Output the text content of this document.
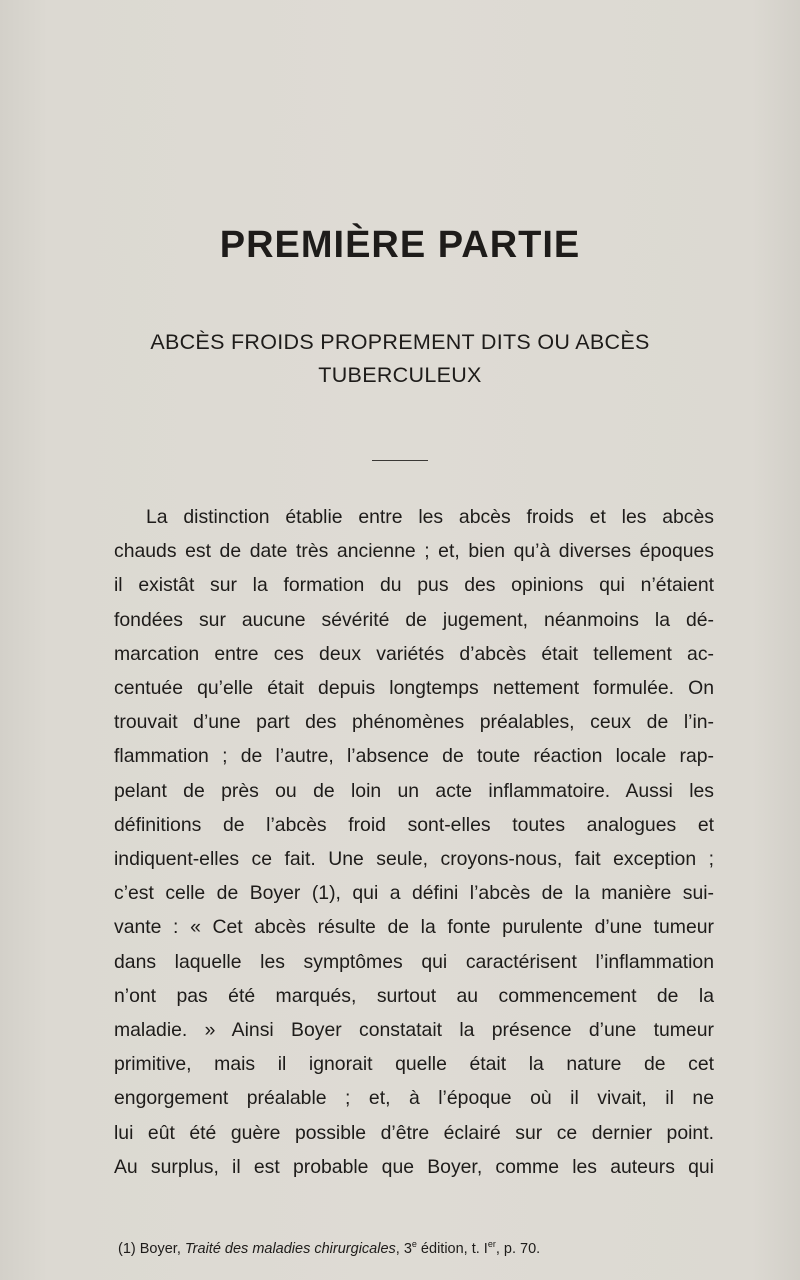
PREMIÈRE PARTIE
ABCÈS FROIDS PROPREMENT DITS OU ABCÈS
TUBERCULEUX
La distinction établie entre les abcès froids et les abcès
chauds est de date très ancienne ; et, bien qu’à diverses époques
il existât sur la formation du pus des opinions qui n’étaient
fondées sur aucune sévérité de jugement, néanmoins la dé-
marcation entre ces deux variétés d’abcès était tellement ac-
centuée qu’elle était depuis longtemps nettement formulée. On
trouvait d’une part des phénomènes préalables, ceux de l’in-
flammation ; de l’autre, l’absence de toute réaction locale rap-
pelant de près ou de loin un acte inflammatoire. Aussi les
définitions de l’abcès froid sont-elles toutes analogues et
indiquent-elles ce fait. Une seule, croyons-nous, fait exception ;
c’est celle de Boyer (1), qui a défini l’abcès de la manière sui-
vante : « Cet abcès résulte de la fonte purulente d’une tumeur
dans laquelle les symptômes qui caractérisent l’inflammation
n’ont pas été marqués, surtout au commencement de la
maladie. » Ainsi Boyer constatait la présence d’une tumeur
primitive, mais il ignorait quelle était la nature de cet
engorgement préalable ; et, à l’époque où il vivait, il ne
lui eût été guère possible d’être éclairé sur ce dernier point.
Au surplus, il est probable que Boyer, comme les auteurs qui

(1) Boyer, Traité des maladies chirurgicales, 3e édition, t. Ier, p. 70.
